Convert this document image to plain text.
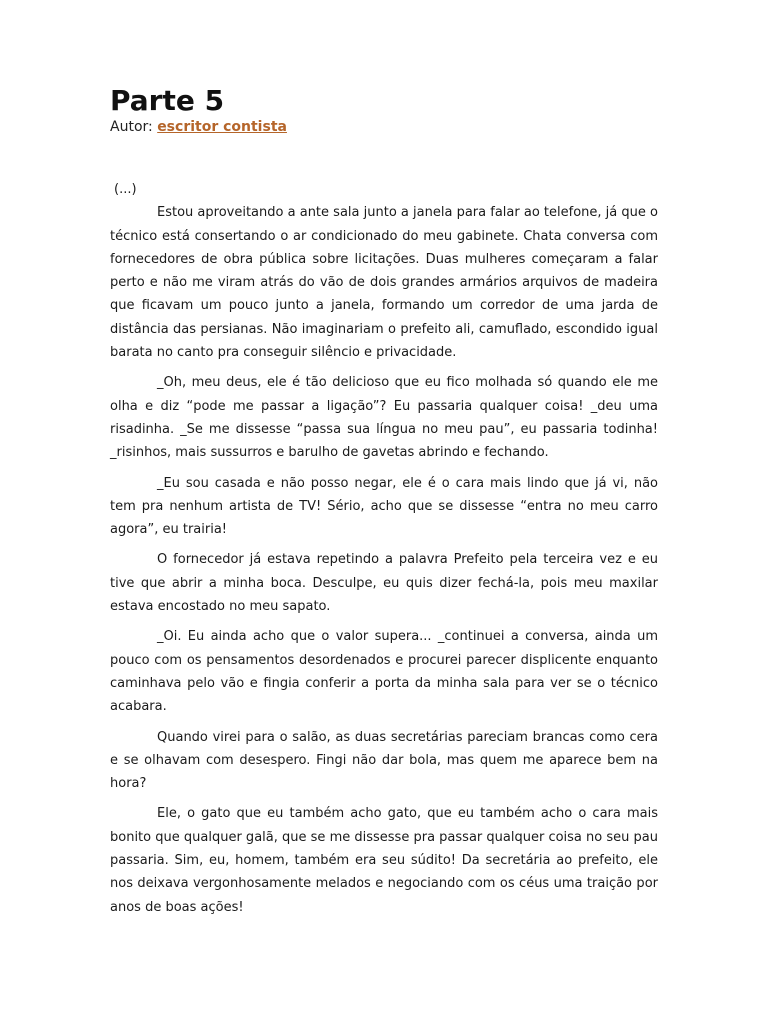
Parte 5

Autor: escritor contista

(...)

Estou aproveitando a ante sala junto a janela para falar ao telefone, já que o técnico está consertando o ar condicionado do meu gabinete. Chata conversa com fornecedores de obra pública sobre licitações. Duas mulheres começaram a falar perto e não me viram atrás do vão de dois grandes armários arquivos de madeira que ficavam um pouco junto a janela, formando um corredor de uma jarda de distância das persianas. Não imaginariam o prefeito ali, camuflado, escondido igual barata no canto pra conseguir silêncio e privacidade.

_Oh, meu deus, ele é tão delicioso que eu fico molhada só quando ele me olha e diz “pode me passar a ligação”? Eu passaria qualquer coisa! _deu uma risadinha. _Se me dissesse “passa sua língua no meu pau”, eu passaria todinha! _risinhos, mais sussurros e barulho de gavetas abrindo e fechando.

_Eu sou casada e não posso negar, ele é o cara mais lindo que já vi, não tem pra nenhum artista de TV! Sério, acho que se dissesse “entra no meu carro agora”, eu trairia!

O fornecedor já estava repetindo a palavra Prefeito pela terceira vez e eu tive que abrir a minha boca. Desculpe, eu quis dizer fechá-la, pois meu maxilar estava encostado no meu sapato.

_Oi. Eu ainda acho que o valor supera... _continuei a conversa, ainda um pouco com os pensamentos desordenados e procurei parecer displicente enquanto caminhava pelo vão e fingia conferir a porta da minha sala para ver se o técnico acabara.

Quando virei para o salão, as duas secretárias pareciam brancas como cera e se olhavam com desespero. Fingi não dar bola, mas quem me aparece bem na hora?

Ele, o gato que eu também acho gato, que eu também acho o cara mais bonito que qualquer galã, que se me dissesse pra passar qualquer coisa no seu pau passaria. Sim, eu, homem, também era seu súdito! Da secretária ao prefeito, ele nos deixava vergonhosamente melados e negociando com os céus uma traição por anos de boas ações!
